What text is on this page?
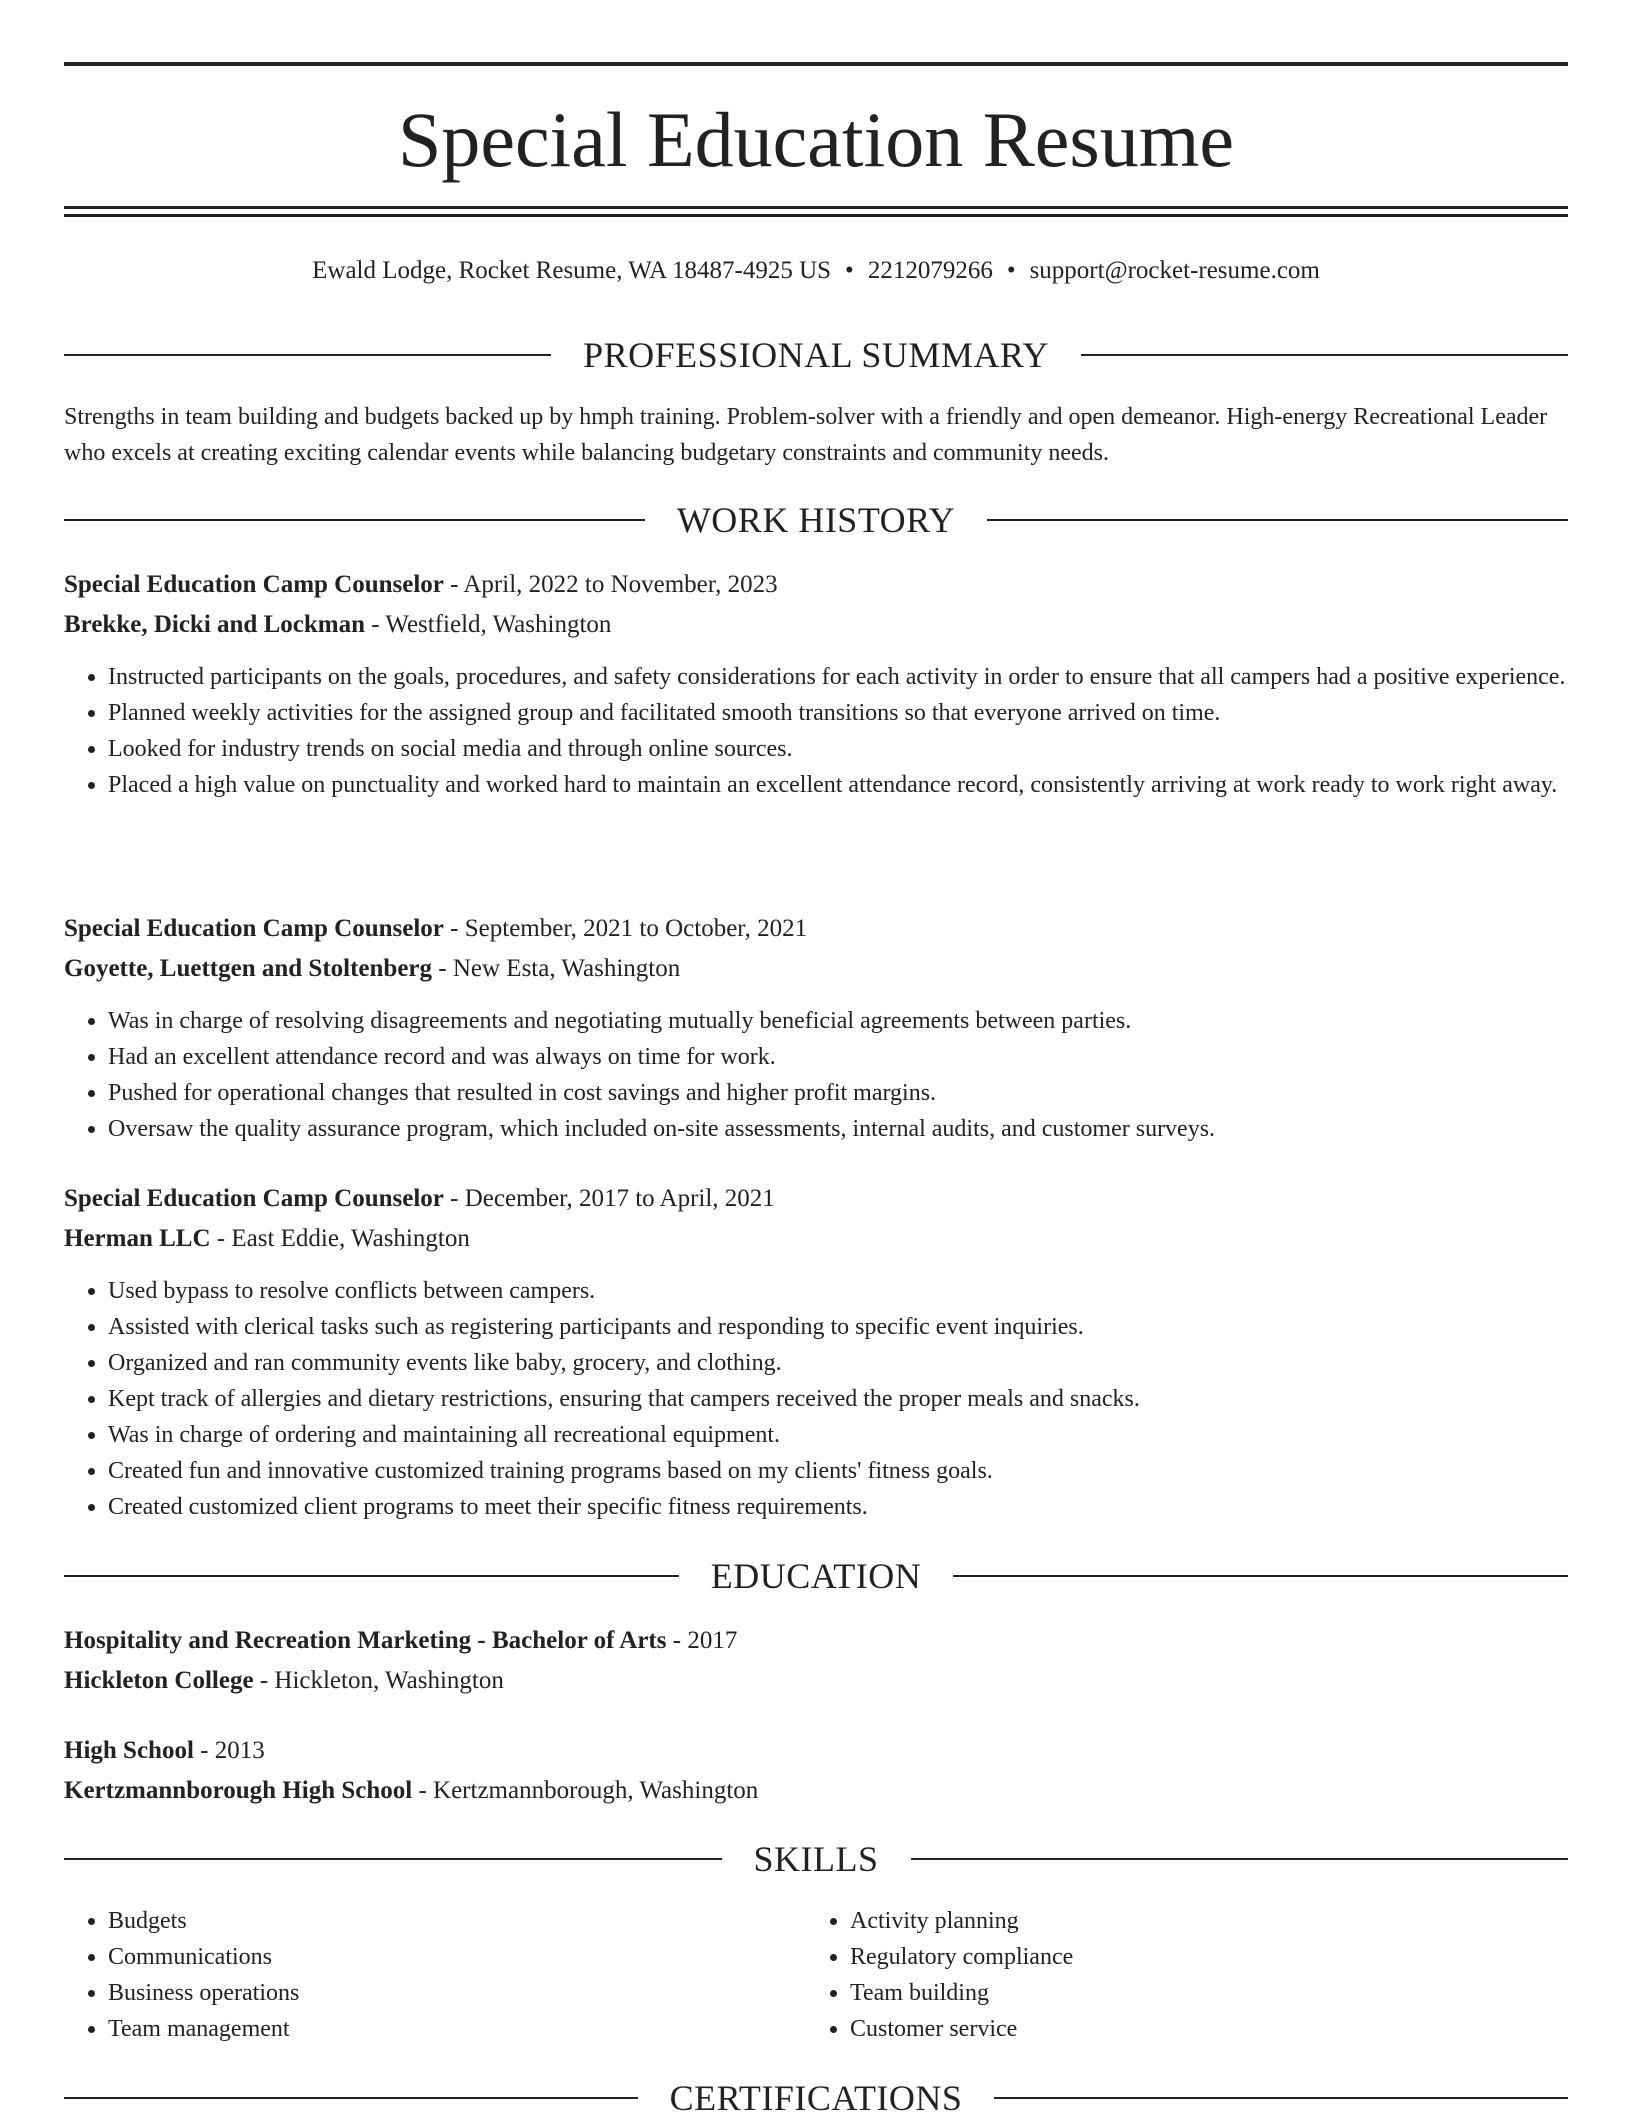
Special Education Resume
Ewald Lodge, Rocket Resume, WA 18487-4925 US • 2212079266 • support@rocket-resume.com
PROFESSIONAL SUMMARY

Strengths in team building and budgets backed up by hmph training. Problem-solver with a friendly and open demeanor. High-energy Recreational Leader who excels at creating exciting calendar events while balancing budgetary constraints and community needs.

WORK HISTORY
Special Education Camp Counselor - April, 2022 to November, 2023
Brekke, Dicki and Lockman - Westfield, Washington
• Instructed participants on the goals, procedures, and safety considerations for each activity in order to ensure that all campers had a positive experience.
• Planned weekly activities for the assigned group and facilitated smooth transitions so that everyone arrived on time.
• Looked for industry trends on social media and through online sources.
• Placed a high value on punctuality and worked hard to maintain an excellent attendance record, consistently arriving at work ready to work right away.
Special Education Camp Counselor - September, 2021 to October, 2021
Goyette, Luettgen and Stoltenberg - New Esta, Washington
• Was in charge of resolving disagreements and negotiating mutually beneficial agreements between parties.
• Had an excellent attendance record and was always on time for work.
• Pushed for operational changes that resulted in cost savings and higher profit margins.
• Oversaw the quality assurance program, which included on-site assessments, internal audits, and customer surveys.
Special Education Camp Counselor - December, 2017 to April, 2021
Herman LLC - East Eddie, Washington
• Used bypass to resolve conflicts between campers.
• Assisted with clerical tasks such as registering participants and responding to specific event inquiries.
• Organized and ran community events like baby, grocery, and clothing.
• Kept track of allergies and dietary restrictions, ensuring that campers received the proper meals and snacks.
• Was in charge of ordering and maintaining all recreational equipment.
• Created fun and innovative customized training programs based on my clients' fitness goals.
• Created customized client programs to meet their specific fitness requirements.
EDUCATION
Hospitality and Recreation Marketing - Bachelor of Arts - 2017
Hickleton College - Hickleton, Washington
High School - 2013
Kertzmannborough High School - Kertzmannborough, Washington
SKILLS
• Budgets
• Communications
• Business operations
• Team management
• Activity planning
• Regulatory compliance
• Team building
• Customer service
CERTIFICATIONS
